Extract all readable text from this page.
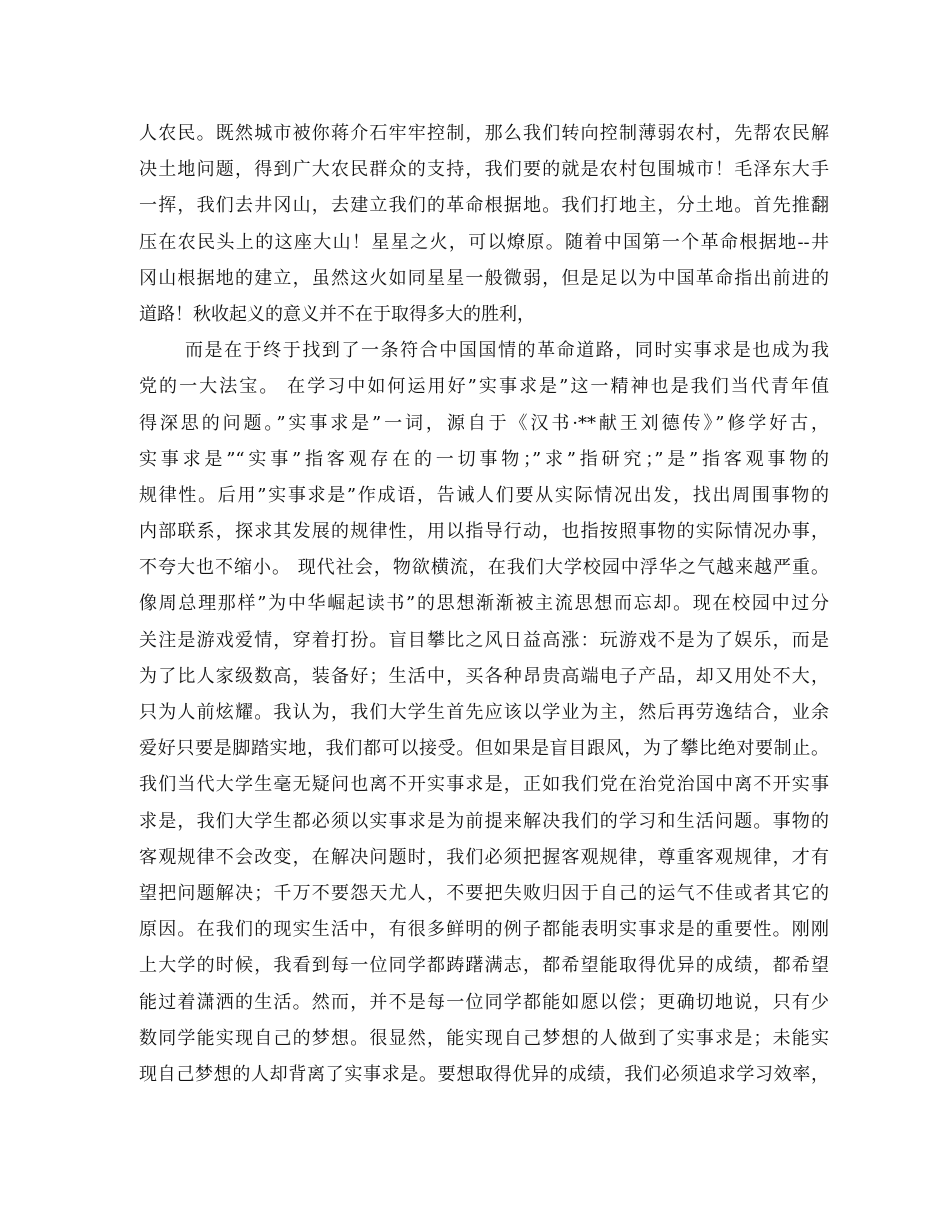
人农民。既然城市被你蒋介石牢牢控制，那么我们转向控制薄弱农村，先帮农民解
决土地问题，得到广大农民群众的支持，我们要的就是农村包围城市！毛泽东大手
一挥，我们去井冈山，去建立我们的革命根据地。我们打地主，分土地。首先推翻
压在农民头上的这座大山！星星之火，可以燎原。随着中国第一个革命根据地--井
冈山根据地的建立，虽然这火如同星星一般微弱，但是足以为中国革命指出前进的
道路！秋收起义的意义并不在于取得多大的胜利，
而是在于终于找到了一条符合中国国情的革命道路，同时实事求是也成为我
党的一大法宝。 在学习中如何运用好”实事求是”这一精神也是我们当代青年值
得深思的问题。”实事求是”一词，源自于《汉书·**献王刘德传》”修学好古，
实事求是”“实事”指客观存在的一切事物；”求”指研究；”是”指客观事物的
规律性。后用”实事求是”作成语，告诫人们要从实际情况出发，找出周围事物的
内部联系，探求其发展的规律性，用以指导行动，也指按照事物的实际情况办事，
不夸大也不缩小。 现代社会，物欲横流，在我们大学校园中浮华之气越来越严重。
像周总理那样”为中华崛起读书”的思想渐渐被主流思想而忘却。现在校园中过分
关注是游戏爱情，穿着打扮。盲目攀比之风日益高涨：玩游戏不是为了娱乐，而是
为了比人家级数高，装备好；生活中，买各种昂贵高端电子产品，却又用处不大，
只为人前炫耀。我认为，我们大学生首先应该以学业为主，然后再劳逸结合，业余
爱好只要是脚踏实地，我们都可以接受。但如果是盲目跟风，为了攀比绝对要制止。
我们当代大学生毫无疑问也离不开实事求是，正如我们党在治党治国中离不开实事
求是，我们大学生都必须以实事求是为前提来解决我们的学习和生活问题。事物的
客观规律不会改变，在解决问题时，我们必须把握客观规律，尊重客观规律，才有
望把问题解决；千万不要怨天尤人，不要把失败归因于自己的运气不佳或者其它的
原因。在我们的现实生活中，有很多鲜明的例子都能表明实事求是的重要性。刚刚
上大学的时候，我看到每一位同学都踌躇满志，都希望能取得优异的成绩，都希望
能过着潇洒的生活。然而，并不是每一位同学都能如愿以偿；更确切地说，只有少
数同学能实现自己的梦想。很显然，能实现自己梦想的人做到了实事求是；未能实
现自己梦想的人却背离了实事求是。要想取得优异的成绩，我们必须追求学习效率，
